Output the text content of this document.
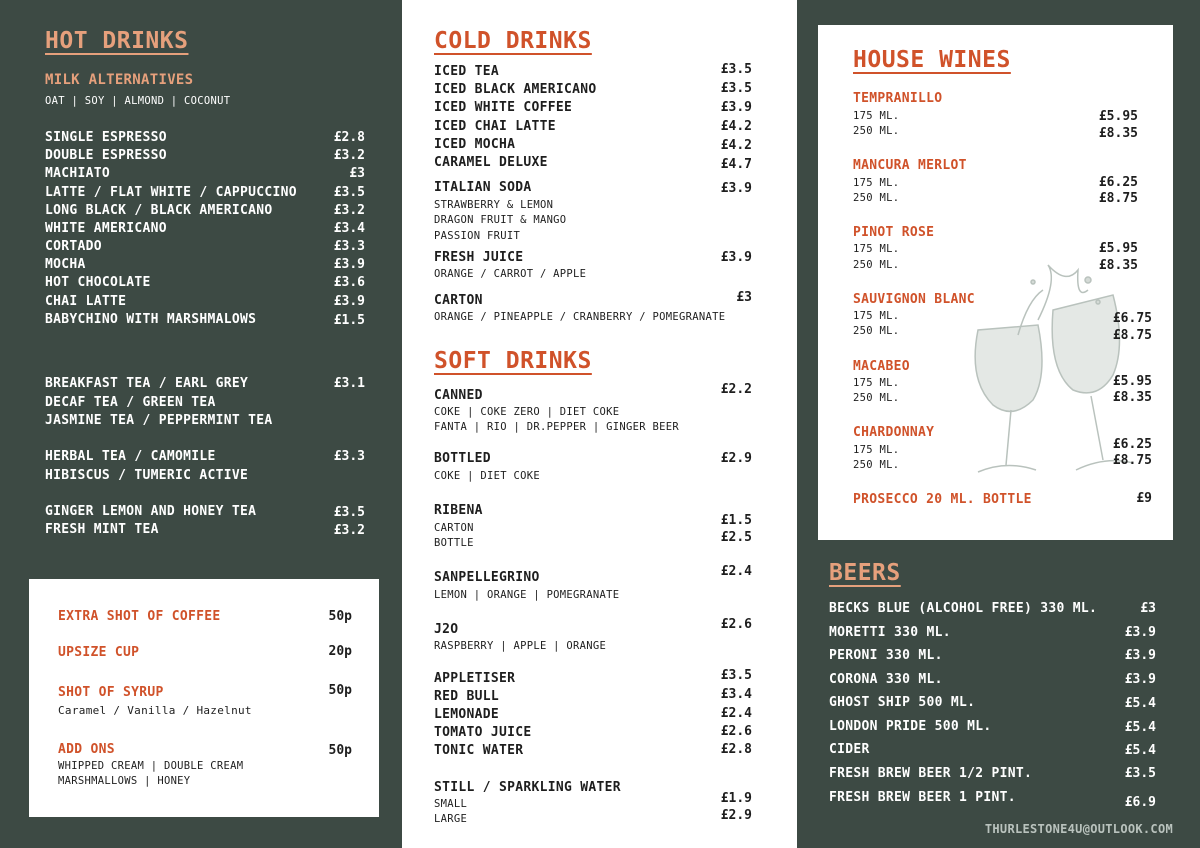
HOT DRINKS
MILK ALTERNATIVES
OAT | SOY | ALMOND | COCONUT
SINGLE ESPRESSO	£2.8
DOUBLE ESPRESSO	£3.2
MACHIATO	£3
LATTE / FLAT WHITE / CAPPUCCINO	£3.5
LONG BLACK / BLACK AMERICANO	£3.2
WHITE AMERICANO	£3.4
CORTADO	£3.3
MOCHA	£3.9
HOT CHOCOLATE	£3.6
CHAI LATTE	£3.9
BABYCHINO WITH MARSHMALOWS	£1.5
BREAKFAST TEA / EARL GREY	£3.1
DECAF TEA / GREEN TEA
JASMINE TEA / PEPPERMINT TEA
HERBAL TEA / CAMOMILE	£3.3
HIBISCUS / TUMERIC ACTIVE
GINGER LEMON AND HONEY TEA	£3.5
FRESH MINT TEA	£3.2
EXTRA SHOT OF COFFEE	50p
UPSIZE CUP	20p
SHOT OF SYRUP	50p
Caramel / Vanilla / Hazelnut
ADD ONS	50p
WHIPPED CREAM | DOUBLE CREAM
MARSHMALLOWS | HONEY
COLD DRINKS
ICED TEA	£3.5
ICED BLACK AMERICANO	£3.5
ICED WHITE COFFEE	£3.9
ICED CHAI LATTE	£4.2
ICED MOCHA	£4.2
CARAMEL DELUXE	£4.7
ITALIAN SODA	£3.9
STRAWBERRY & LEMON
DRAGON FRUIT & MANGO
PASSION FRUIT
FRESH JUICE	£3.9
ORANGE / CARROT / APPLE
CARTON	£3
ORANGE / PINEAPPLE / CRANBERRY / POMEGRANATE
SOFT DRINKS
CANNED	£2.2
COKE | COKE ZERO | DIET COKE
FANTA | RIO | DR.PEPPER | GINGER BEER
BOTTLED	£2.9
COKE | DIET COKE
RIBENA
CARTON	£1.5
BOTTLE	£2.5
SANPELLEGRINO	£2.4
LEMON | ORANGE | POMEGRANATE
J2O	£2.6
RASPBERRY | APPLE | ORANGE
APPLETISER	£3.5
RED BULL	£3.4
LEMONADE	£2.4
TOMATO JUICE	£2.6
TONIC WATER	£2.8
STILL / SPARKLING WATER
SMALL	£1.9
LARGE	£2.9
HOUSE WINES
TEMPRANILLO
175 ML.	£5.95
250 ML.	£8.35
MANCURA MERLOT
175 ML.	£6.25
250 ML.	£8.75
PINOT ROSE
175 ML.	£5.95
250 ML.	£8.35
SAUVIGNON BLANC
175 ML.	£6.75
250 ML.	£8.75
MACABEO
175 ML.	£5.95
250 ML.	£8.35
CHARDONNAY
175 ML.	£6.25
250 ML.	£8.75
PROSECCO 20 ML. BOTTLE	£9
BEERS
BECKS BLUE (ALCOHOL FREE) 330 ML.	£3
MORETTI 330 ML.	£3.9
PERONI 330 ML.	£3.9
CORONA 330 ML.	£3.9
GHOST SHIP 500 ML.	£5.4
LONDON PRIDE 500 ML.	£5.4
CIDER	£5.4
FRESH BREW BEER 1/2 PINT.	£3.5
FRESH BREW BEER 1 PINT.	£6.9
THURLESTONE4U@OUTLOOK.COM
